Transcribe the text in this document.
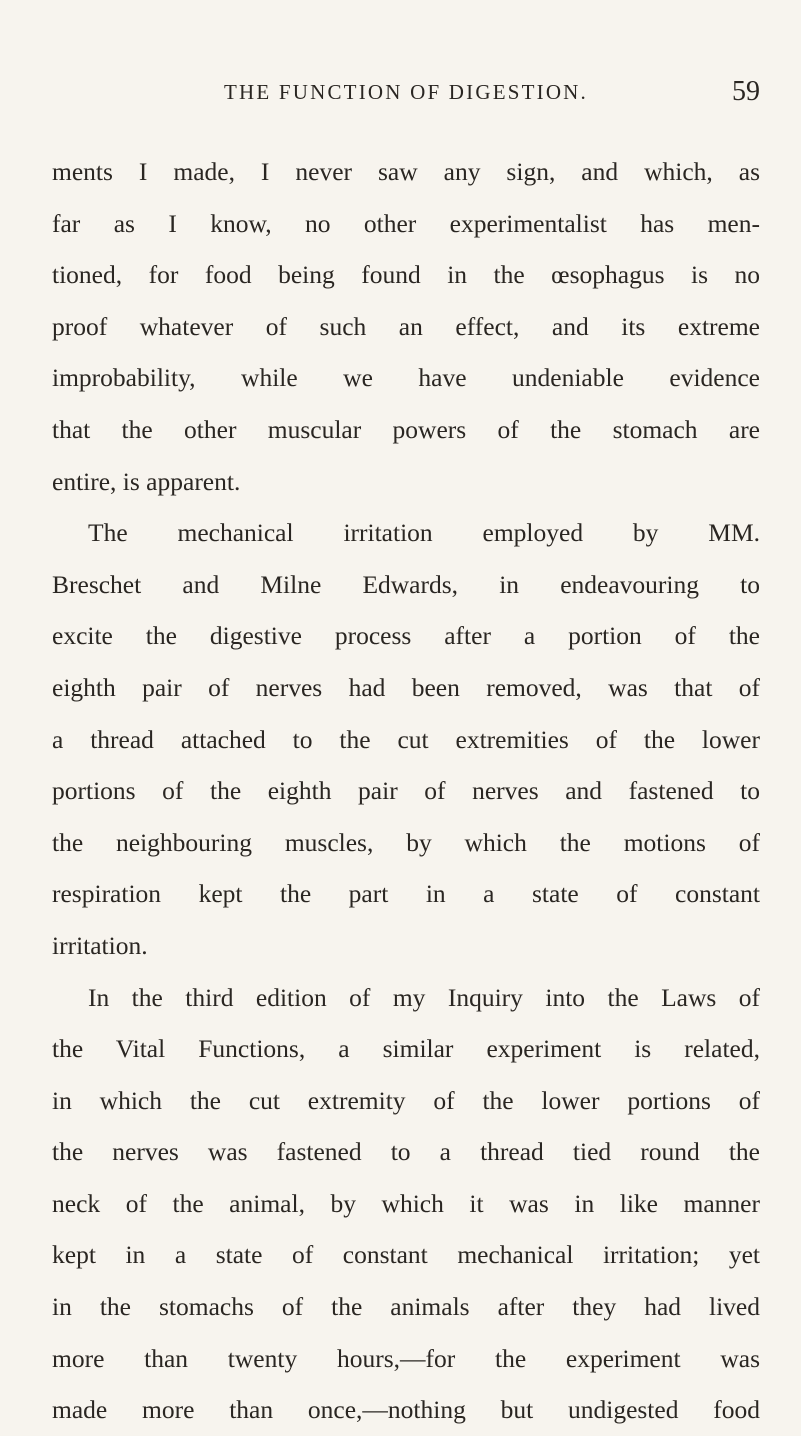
THE FUNCTION OF DIGESTION.	59
ments I made, I never saw any sign, and which, as
far as I know, no other experimentalist has men-
tioned, for food being found in the œsophagus is no
proof whatever of such an effect, and its extreme
improbability, while we have undeniable evidence
that the other muscular powers of the stomach are
entire, is apparent.
The mechanical irritation employed by MM.
Breschet and Milne Edwards, in endeavouring to
excite the digestive process after a portion of the
eighth pair of nerves had been removed, was that of
a thread attached to the cut extremities of the lower
portions of the eighth pair of nerves and fastened to
the neighbouring muscles, by which the motions of
respiration kept the part in a state of constant
irritation.
In the third edition of my Inquiry into the Laws of
the Vital Functions, a similar experiment is related,
in which the cut extremity of the lower portions of
the nerves was fastened to a thread tied round the
neck of the animal, by which it was in like manner
kept in a state of constant mechanical irritation; yet
in the stomachs of the animals after they had lived
more than twenty hours,—for the experiment was
made more than once,—nothing but undigested food
